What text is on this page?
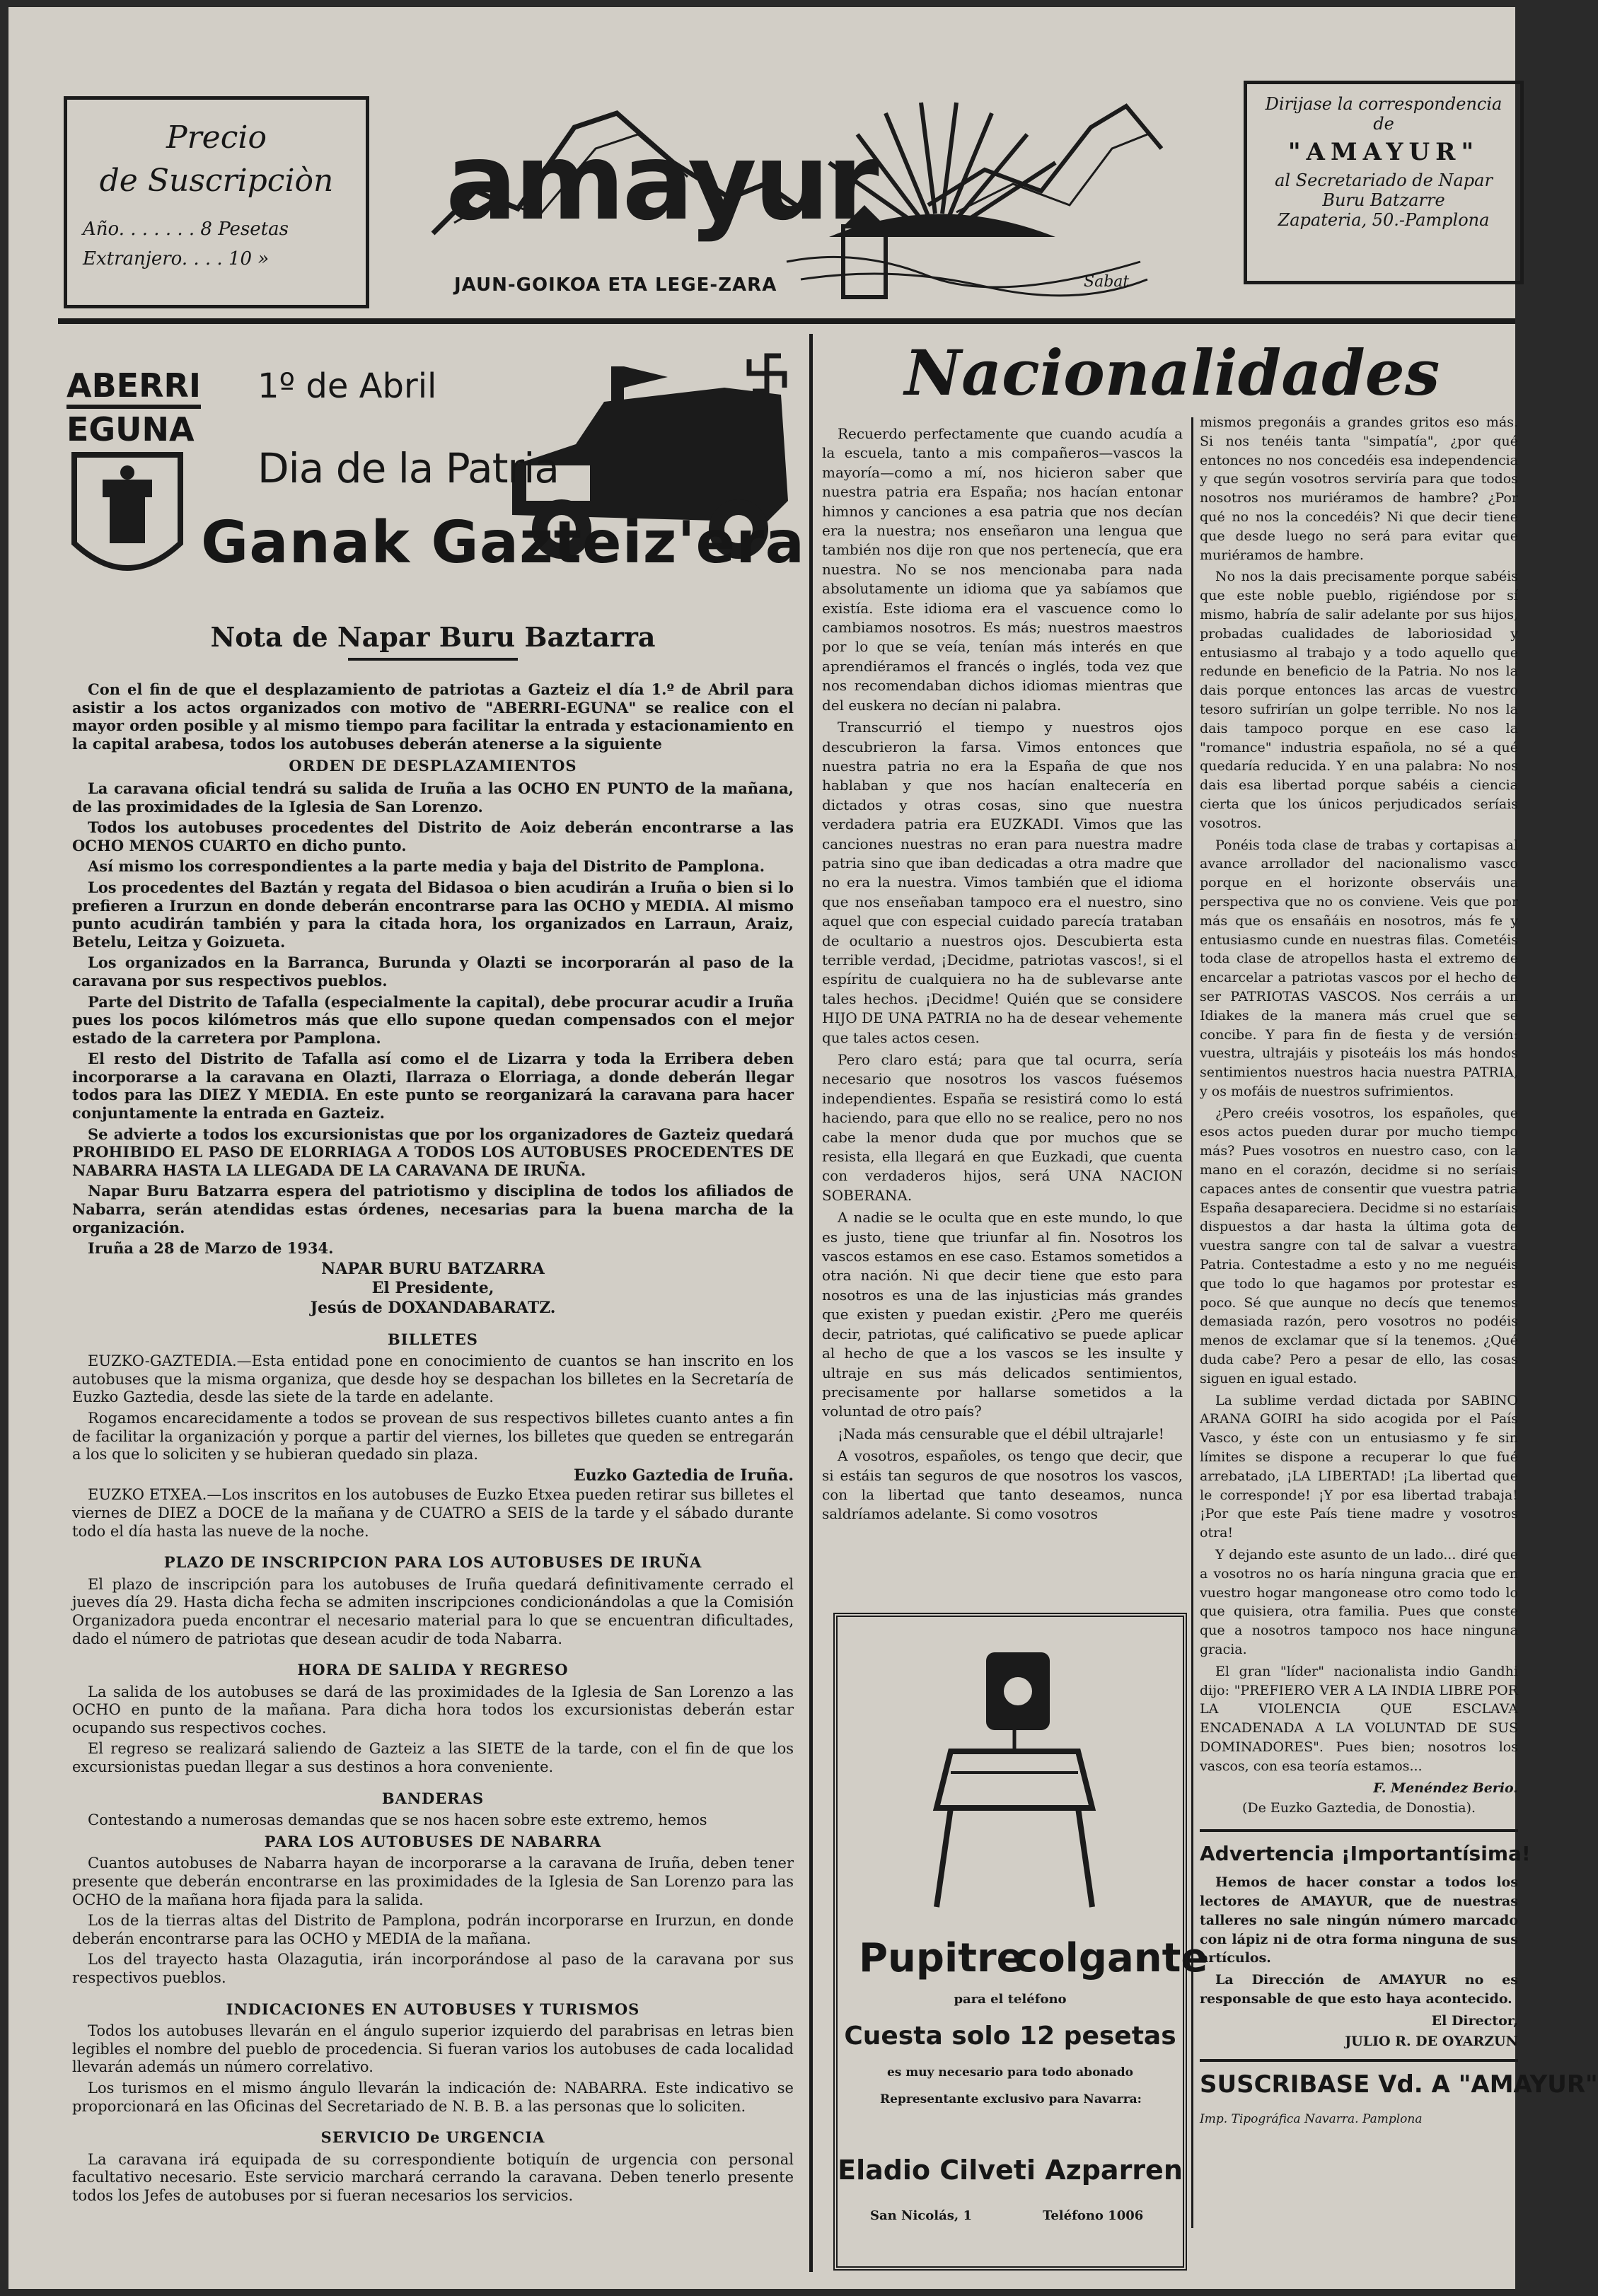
Precio
de Suscripciòn
Año. . . . . . . 8 Pesetas
Extranjero. . . . 10 »
amayur
JAUN-GOIKOA ETA LEGE-ZARA	Sabat
Dirijase la correspondencia
de
"AMAYUR"
al Secretariado de Napar
Buru Batzarre
Zapateria, 50.-Pamplona
ABERRI
EGUNA
1º de Abril
Dia de la Patria
Ganak Gazteiz'era
Nota de Napar Buru Baztarra

Con el fin de que el desplazamiento de patriotas a Gazteiz el día 1.º de Abril para asistir a los actos organizados con motivo de "ABERRI-EGUNA" se realice con el mayor orden posible y al mismo tiempo para facilitar la entrada y estacionamiento en la capital arabesa, todos los autobuses deberán atenerse a la siguiente

ORDEN DE DESPLAZAMIENTOS

La caravana oficial tendrá su salida de Iruña a las OCHO EN PUNTO de la mañana, de las proximidades de la Iglesia de San Lorenzo.

Todos los autobuses procedentes del Distrito de Aoiz deberán encontrarse a las OCHO MENOS CUARTO en dicho punto.

Así mismo los correspondientes a la parte media y baja del Distrito de Pamplona.

Los procedentes del Baztán y regata del Bidasoa o bien acudirán a Iruña o bien si lo prefieren a Irurzun en donde deberán encontrarse para las OCHO y MEDIA. Al mismo punto acudirán también y para la citada hora, los organizados en Larraun, Araiz, Betelu, Leitza y Goizueta.

Los organizados en la Barranca, Burunda y Olazti se incorporarán al paso de la caravana por sus respectivos pueblos.

Parte del Distrito de Tafalla (especialmente la capital), debe procurar acudir a Iruña pues los pocos kilómetros más que ello supone quedan compensados con el mejor estado de la carretera por Pamplona.

El resto del Distrito de Tafalla así como el de Lizarra y toda la Erribera deben incorporarse a la caravana en Olazti, Ilarraza o Elorriaga, a donde deberán llegar todos para las DIEZ Y MEDIA. En este punto se reorganizará la caravana para hacer conjuntamente la entrada en Gazteiz.

Se advierte a todos los excursionistas que por los organizadores de Gazteiz quedará PROHIBIDO EL PASO DE ELORRIAGA A TODOS LOS AUTOBUSES PROCEDENTES DE NABARRA HASTA LA LLEGADA DE LA CARAVANA DE IRUÑA.

Napar Buru Batzarra espera del patriotismo y disciplina de todos los afiliados de Nabarra, serán atendidas estas órdenes, necesarias para la buena marcha de la organización.

Iruña a 28 de Marzo de 1934.

NAPAR BURU BATZARRA
El Presidente,
Jesús de DOXANDABARATZ.
BILLETES

EUZKO-GAZTEDIA.—Esta entidad pone en conocimiento de cuantos se han inscrito en los autobuses que la misma organiza, que desde hoy se despachan los billetes en la Secretaría de Euzko Gaztedia, desde las siete de la tarde en adelante.

Rogamos encarecidamente a todos se provean de sus respectivos billetes cuanto antes a fin de facilitar la organización y porque a partir del viernes, los billetes que queden se entregarán a los que lo soliciten y se hubieran quedado sin plaza.

Euzko Gaztedia de Iruña.

EUZKO ETXEA.—Los inscritos en los autobuses de Euzko Etxea pueden retirar sus billetes el viernes de DIEZ a DOCE de la mañana y de CUATRO a SEIS de la tarde y el sábado durante todo el día hasta las nueve de la noche.

PLAZO DE INSCRIPCION PARA LOS AUTOBUSES DE IRUÑA

El plazo de inscripción para los autobuses de Iruña quedará definitivamente cerrado el jueves día 29. Hasta dicha fecha se admiten inscripciones condicionándolas a que la Comisión Organizadora pueda encontrar el necesario material para lo que se encuentran dificultades, dado el número de patriotas que desean acudir de toda Nabarra.

HORA DE SALIDA Y REGRESO

La salida de los autobuses se dará de las proximidades de la Iglesia de San Lorenzo a las OCHO en punto de la mañana. Para dicha hora todos los excursionistas deberán estar ocupando sus respectivos coches.

El regreso se realizará saliendo de Gazteiz a las SIETE de la tarde, con el fin de que los excursionistas puedan llegar a sus destinos a hora conveniente.

BANDERAS

Contestando a numerosas demandas que se nos hacen sobre este extremo, hemos

PARA LOS AUTOBUSES DE NABARRA

Cuantos autobuses de Nabarra hayan de incorporarse a la caravana de Iruña, deben tener presente que deberán encontrarse en las proximidades de la Iglesia de San Lorenzo para las OCHO de la mañana hora fijada para la salida.

Los de la tierras altas del Distrito de Pamplona, podrán incorporarse en Irurzun, en donde deberán encontrarse para las OCHO y MEDIA de la mañana.

Los del trayecto hasta Olazagutia, irán incorporándose al paso de la caravana por sus respectivos pueblos.

INDICACIONES EN AUTOBUSES Y TURISMOS

Todos los autobuses llevarán en el ángulo superior izquierdo del parabrisas en letras bien legibles el nombre del pueblo de procedencia. Si fueran varios los autobuses de cada localidad llevarán además un número correlativo.

Los turismos en el mismo ángulo llevarán la indicación de: NABARRA. Este indicativo se proporcionará en las Oficinas del Secretariado de N. B. B. a las personas que lo soliciten.

SERVICIO De URGENCIA

La caravana irá equipada de su correspondiente botiquín de urgencia con personal facultativo necesario. Este servicio marchará cerrando la caravana. Deben tenerlo presente todos los Jefes de autobuses por si fueran necesarios los servicios.

Nacionalidades

Recuerdo perfectamente que cuando acudía a la escuela, tanto a mis compañeros—vascos la mayoría—como a mí, nos hicieron saber que nuestra patria era España; nos hacían entonar himnos y canciones a esa patria que nos decían era la nuestra; nos enseñaron una lengua que también nos dije ron que nos pertenecía, que era nuestra. No se nos mencionaba para nada absolutamente un idioma que ya sabíamos que existía. Este idioma era el vascuence como lo cambiamos nosotros. Es más; nuestros maestros por lo que se veía, tenían más interés en que aprendiéramos el francés o inglés, toda vez que nos recomendaban dichos idiomas mientras que del euskera no decían ni palabra.

Transcurrió el tiempo y nuestros ojos descubrieron la farsa. Vimos entonces que nuestra patria no era la España de que nos hablaban y que nos hacían enaltecería en dictados y otras cosas, sino que nuestra verdadera patria era EUZKADI. Vimos que las canciones nuestras no eran para nuestra madre patria sino que iban dedicadas a otra madre que no era la nuestra. Vimos también que el idioma que nos enseñaban tampoco era el nuestro, sino aquel que con especial cuidado parecía trataban de ocultario a nuestros ojos. Descubierta esta terrible verdad, ¡Decidme, patriotas vascos!, si el espíritu de cualquiera no ha de sublevarse ante tales hechos. ¡Decidme! Quién que se considere HIJO DE UNA PATRIA no ha de desear vehemente que tales actos cesen.

Pero claro está; para que tal ocurra, sería necesario que nosotros los vascos fuésemos independientes. España se resistirá como lo está haciendo, para que ello no se realice, pero no nos cabe la menor duda que por muchos que se resista, ella llegará en que Euzkadi, que cuenta con verdaderos hijos, será UNA NACION SOBERANA.

A nadie se le oculta que en este mundo, lo que es justo, tiene que triunfar al fin. Nosotros los vascos estamos en ese caso. Estamos sometidos a otra nación. Ni que decir tiene que esto para nosotros es una de las injusticias más grandes que existen y puedan existir. ¿Pero me queréis decir, patriotas, qué calificativo se puede aplicar al hecho de que a los vascos se les insulte y ultraje en sus más delicados sentimientos, precisamente por hallarse sometidos a la voluntad de otro país?

¡Nada más censurable que el débil ultrajarle!

A vosotros, españoles, os tengo que decir, que si estáis tan seguros de que nosotros los vascos, con la libertad que tanto deseamos, nunca saldríamos adelante. Si como vosotros

mismos pregonáis a grandes gritos eso más. Si nos tenéis tanta "simpatía", ¿por qué entonces no nos concedéis esa independencia y que según vosotros serviría para que todos nosotros nos muriéramos de hambre? ¿Por qué no nos la concedéis? Ni que decir tiene que desde luego no será para evitar que muriéramos de hambre.

No nos la dais precisamente porque sabéis que este noble pueblo, rigiéndose por sí mismo, habría de salir adelante por sus hijos, probadas cualidades de laboriosidad y entusiasmo al trabajo y a todo aquello que redunde en beneficio de la Patria. No nos la dais porque entonces las arcas de vuestro tesoro sufrirían un golpe terrible. No nos la dais tampoco porque en ese caso la "romance" industria española, no sé a qué quedaría reducida. Y en una palabra: No nos dais esa libertad porque sabéis a ciencia cierta que los únicos perjudicados seríais vosotros.

Ponéis toda clase de trabas y cortapisas al avance arrollador del nacionalismo vasco porque en el horizonte observáis una perspectiva que no os conviene. Veis que por más que os ensañáis en nosotros, más fe y entusiasmo cunde en nuestras filas. Cometéis toda clase de atropellos hasta el extremo de encarcelar a patriotas vascos por el hecho de ser PATRIOTAS VASCOS. Nos cerráis a un Idiakes de la manera más cruel que se concibe. Y para fin de fiesta y de versión: vuestra, ultrajáis y pisoteáis los más hondos sentimientos nuestros hacia nuestra PATRIA, y os mofáis de nuestros sufrimientos.

¿Pero creéis vosotros, los españoles, que esos actos pueden durar por mucho tiempo más? Pues vosotros en nuestro caso, con la mano en el corazón, decidme si no seríais capaces antes de consentir que vuestra patria España desapareciera. Decidme si no estaríais dispuestos a dar hasta la última gota de vuestra sangre con tal de salvar a vuestra Patria. Contestadme a esto y no me neguéis que todo lo que hagamos por protestar es poco. Sé que aunque no decís que tenemos demasiada razón, pero vosotros no podéis menos de exclamar que sí la tenemos. ¿Qué duda cabe? Pero a pesar de ello, las cosas siguen en igual estado.

La sublime verdad dictada por SABINO ARANA GOIRI ha sido acogida por el País Vasco, y éste con un entusiasmo y fe sin límites se dispone a recuperar lo que fué arrebatado, ¡LA LIBERTAD! ¡La libertad que le corresponde! ¡Y por esa libertad trabaja! ¡Por que este País tiene madre y vosotros otra!

Y dejando este asunto de un lado... diré que a vosotros no os haría ninguna gracia que en vuestro hogar mangonease otro como todo lo que quisiera, otra familia. Pues que conste que a nosotros tampoco nos hace ninguna gracia.

El gran "líder" nacionalista indio Gandhi dijo: "PREFIERO VER A LA INDIA LIBRE POR LA VIOLENCIA QUE ESCLAVA ENCADENADA A LA VOLUNTAD DE SUS DOMINADORES". Pues bien; nosotros los vascos, con esa teoría estamos...

F. Menéndez Berio.
(De Euzko Gaztedia, de Donostia).
Advertencia ¡Importantísima!

Hemos de hacer constar a todos los lectores de AMAYUR, que de nuestras talleres no sale ningún número marcado con lápiz ni de otra forma ninguna de sus artículos.

La Dirección de AMAYUR no es responsable de que esto haya acontecido.

El Director,
JULIO R. DE OYARZUN
SUSCRIBASE Vd. A "AMAYUR"
Imp. Tipográfica Navarra. Pamplona
Pupitre
colgante
para el teléfono
Cuesta solo 12 pesetas
es muy necesario para todo abonado
Representante exclusivo para Navarra:
Eladio Cilveti Azparren
San Nicolás, 1	Teléfono 1006
